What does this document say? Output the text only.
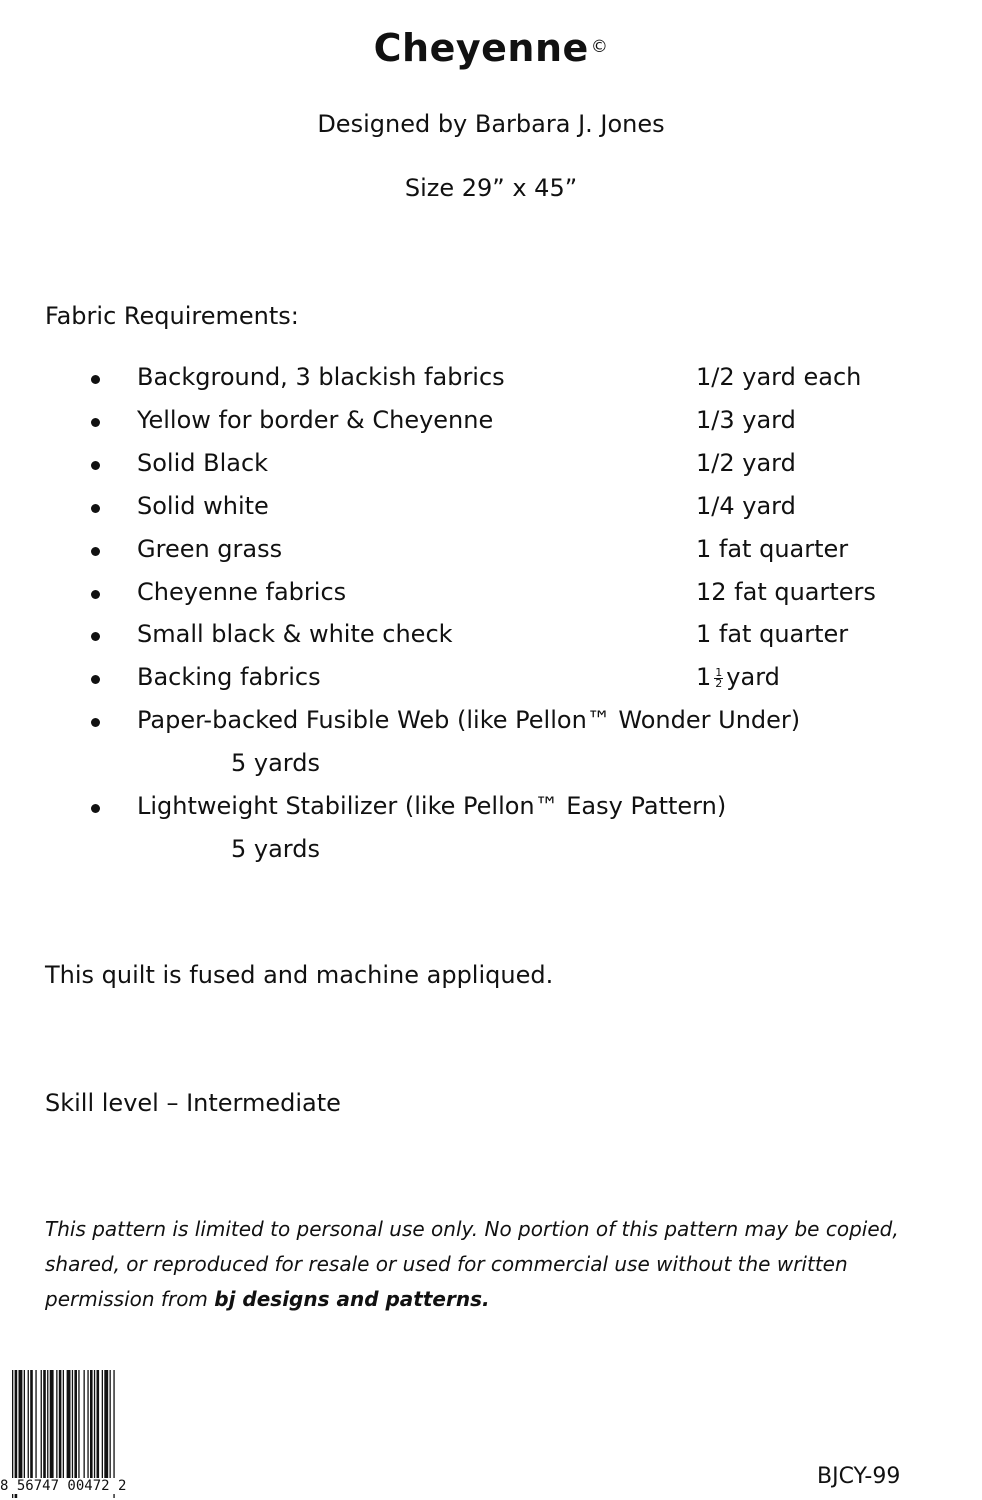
Cheyenne ©
Designed by Barbara J. Jones
Size 29” x 45”
Fabric Requirements:
Background, 3 blackish fabrics	1/2 yard each
Yellow for border & Cheyenne	1/3 yard
Solid Black	1/2 yard
Solid white	1/4 yard
Green grass	1 fat quarter
Cheyenne fabrics	12 fat quarters
Small black & white check	1 fat quarter
Backing fabrics	$1 \frac{1}{2}$ yard
Paper-backed Fusible Web (like Pellon™ Wonder Under)
5 yards
Lightweight Stabilizer (like Pellon™ Easy Pattern)
5 yards
This quilt is fused and machine appliqued.
Skill level – Intermediate
This pattern is limited to personal use only. No portion of this pattern may be copied, shared, or reproduced for resale or used for commercial use without the written permission from bj designs and patterns.
8 56747 00472 2	BJCY-99
